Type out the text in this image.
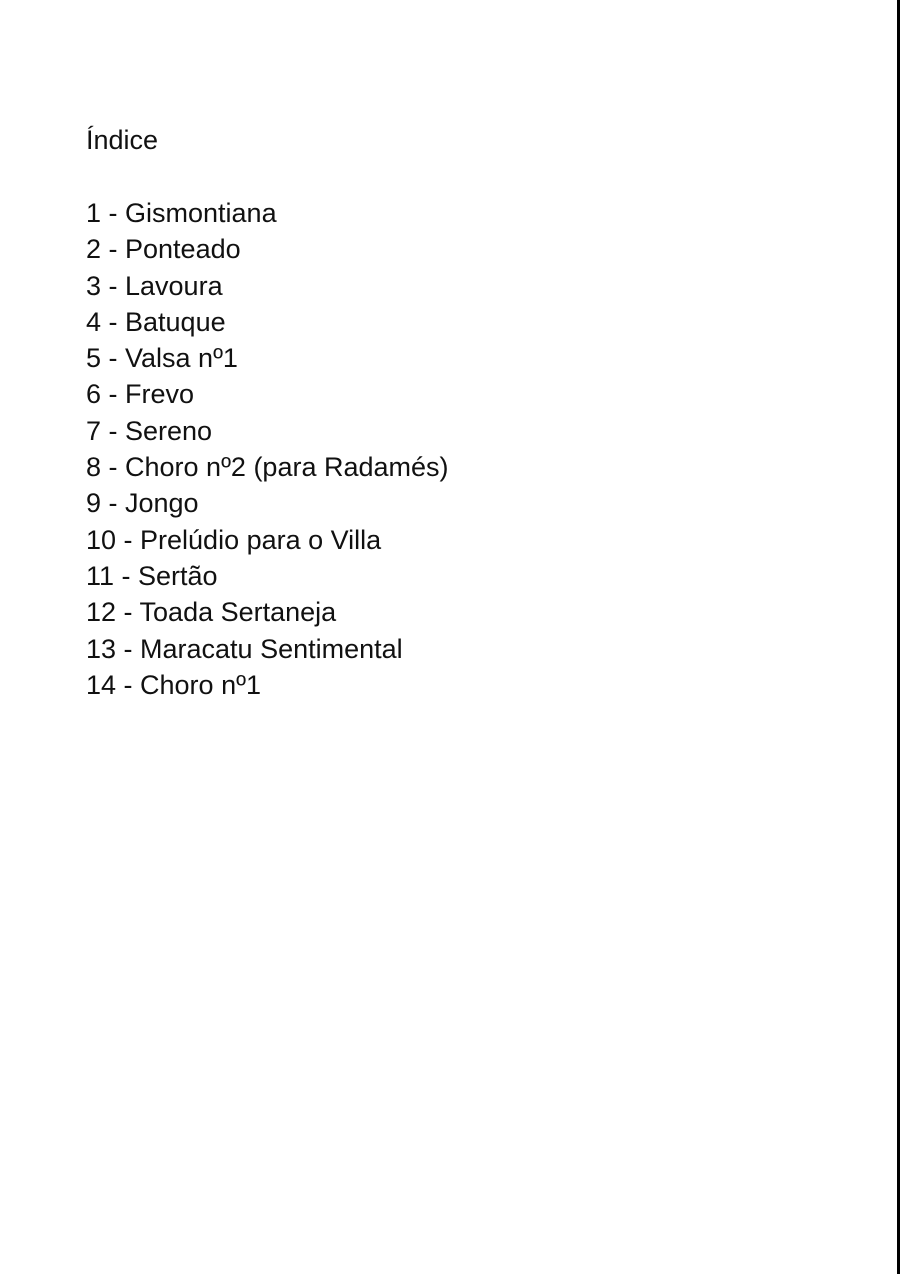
Índice
1 - Gismontiana
2 - Ponteado
3 - Lavoura
4 - Batuque
5 - Valsa nº1
6 - Frevo
7 - Sereno
8 - Choro nº2 (para Radamés)
9 - Jongo
10 - Prelúdio para o Villa
11 - Sertão
12 - Toada Sertaneja
13 - Maracatu Sentimental
14 - Choro nº1
